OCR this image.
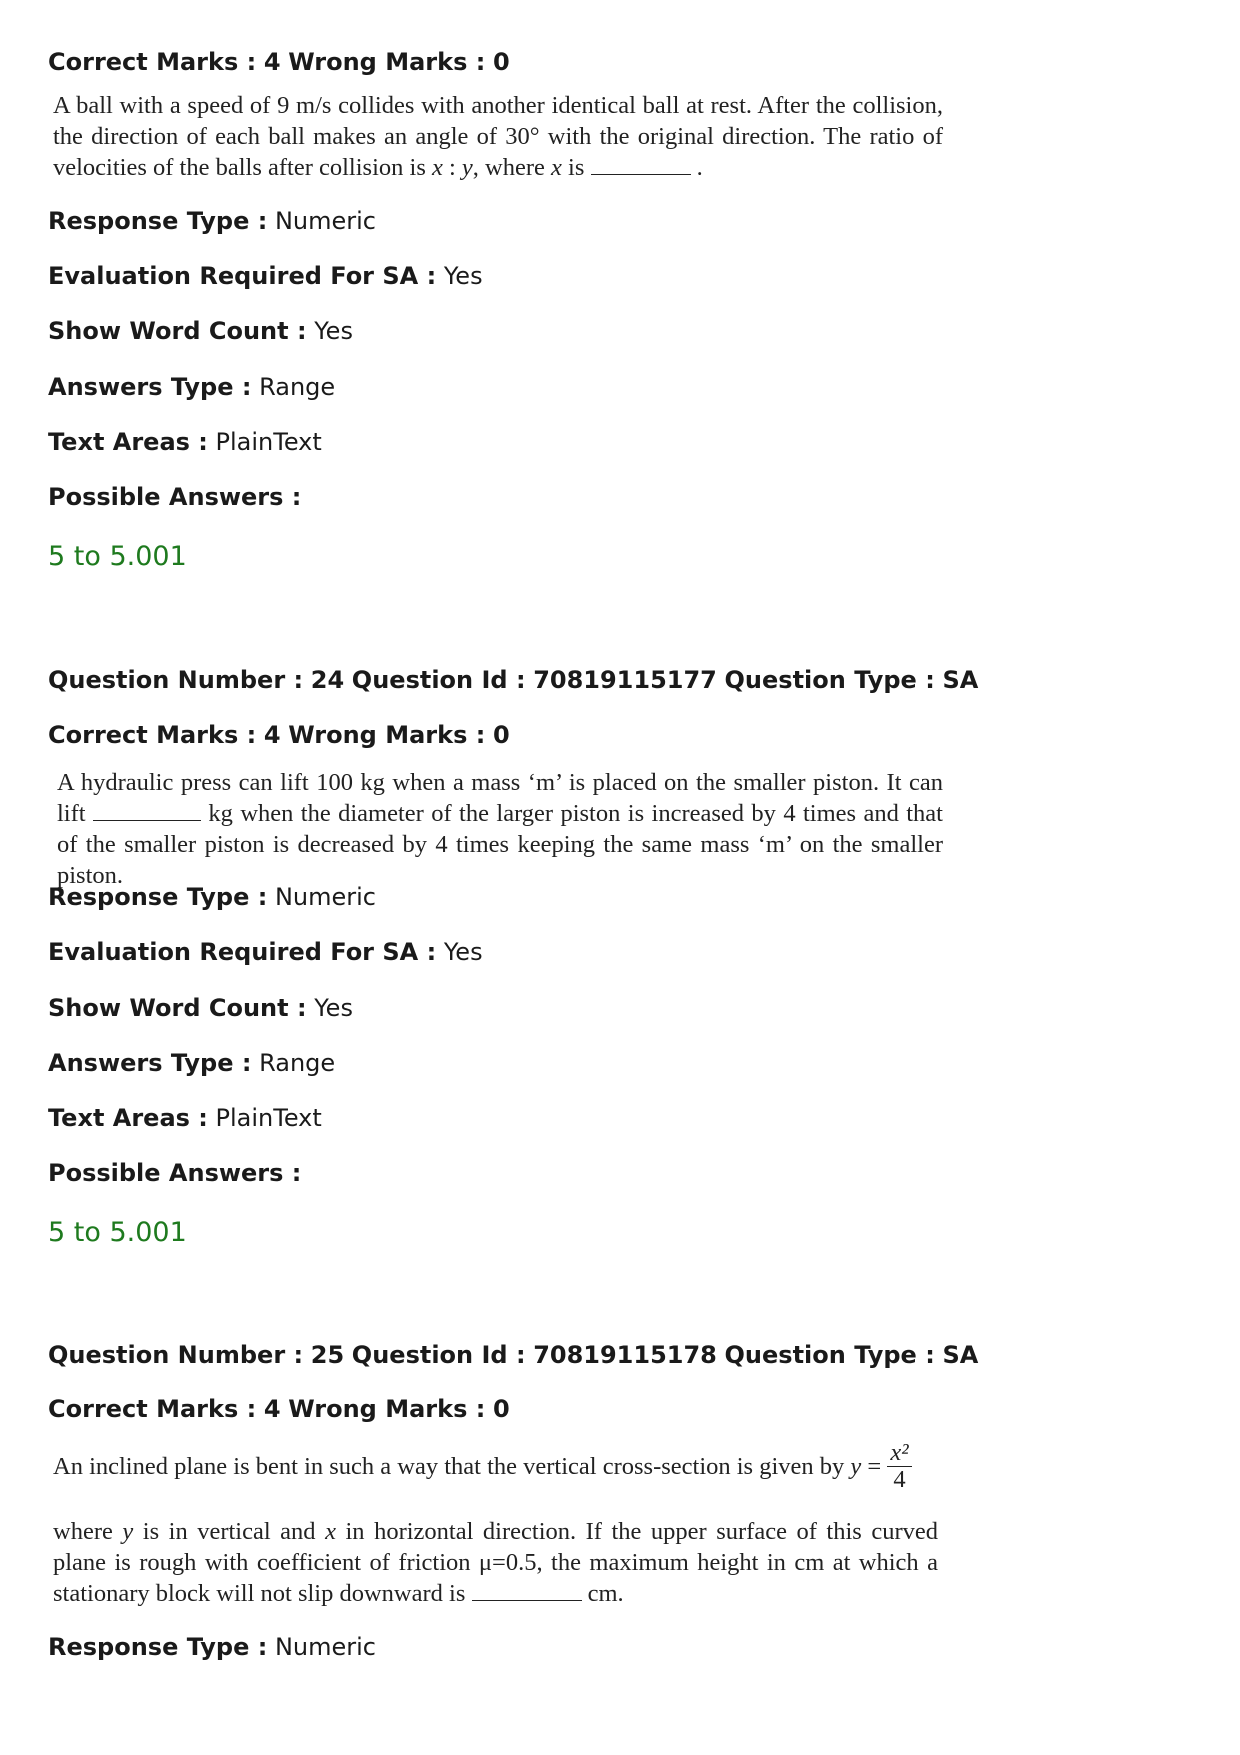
Correct Marks : 4 Wrong Marks : 0

A ball with a speed of 9 m/s collides with another identical ball at rest. After the collision, the direction of each ball makes an angle of 30° with the original direction. The ratio of velocities of the balls after collision is x : y, where x is	.

Response Type : Numeric
Evaluation Required For SA : Yes
Show Word Count : Yes
Answers Type : Range
Text Areas : PlainText
Possible Answers :
5 to 5.001
Question Number : 24 Question Id : 70819115177 Question Type : SA
Correct Marks : 4 Wrong Marks : 0

A hydraulic press can lift 100 kg when a mass ‘m’ is placed on the smaller piston. It can lift	kg when the diameter of the larger piston is increased by 4 times and that of the smaller piston is decreased by 4 times keeping the same mass ‘m’ on the smaller piston.

Response Type : Numeric
Evaluation Required For SA : Yes
Show Word Count : Yes
Answers Type : Range
Text Areas : PlainText
Possible Answers :
5 to 5.001
Question Number : 25 Question Id : 70819115178 Question Type : SA
Correct Marks : 4 Wrong Marks : 0
An inclined plane is bent in such a way that the vertical cross-section is given by $y = \frac{\text{x²}}{4}$

where y is in vertical and x in horizontal direction. If the upper surface of this curved plane is rough with coefficient of friction μ=0.5, the maximum height in cm at which a stationary block will not slip downward is	cm.

Response Type : Numeric
